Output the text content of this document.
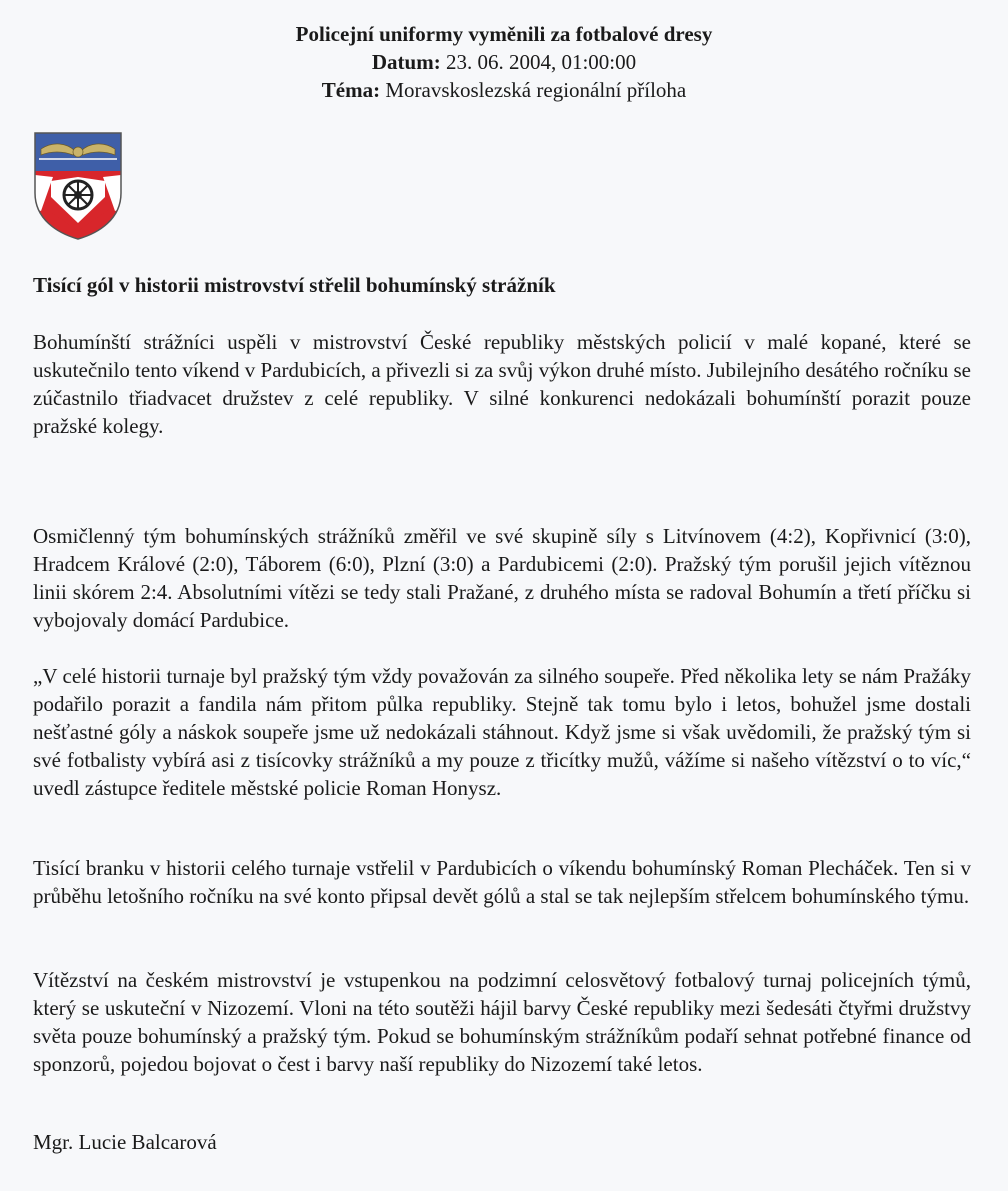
Policejní uniformy vyměnili za fotbalové dresy
Datum: 23. 06. 2004, 01:00:00
Téma: Moravskoslezská regionální příloha
Tisící gól v historii mistrovství střelil bohumínský strážník

Bohumínští strážníci uspěli v mistrovství České republiky městských policií v malé kopané, které se uskutečnilo tento víkend v Pardubicích, a přivezli si za svůj výkon druhé místo. Jubilejního desátého ročníku se zúčastnilo třiadvacet družstev z celé republiky. V silné konkurenci nedokázali bohumínští porazit pouze pražské kolegy.

Osmičlenný tým bohumínských strážníků změřil ve své skupině síly s Litvínovem (4:2), Kopřivnicí (3:0), Hradcem Králové (2:0), Táborem (6:0), Plzní (3:0) a Pardubicemi (2:0). Pražský tým porušil jejich vítěznou linii skórem 2:4. Absolutními vítězi se tedy stali Pražané, z druhého místa se radoval Bohumín a třetí příčku si vybojovaly domácí Pardubice.

„V celé historii turnaje byl pražský tým vždy považován za silného soupeře. Před několika lety se nám Pražáky podařilo porazit a fandila nám přitom půlka republiky. Stejně tak tomu bylo i letos, bohužel jsme dostali nešťastné góly a náskok soupeře jsme už nedokázali stáhnout. Když jsme si však uvědomili, že pražský tým si své fotbalisty vybírá asi z tisícovky strážníků a my pouze z třicítky mužů, vážíme si našeho vítězství o to víc,“ uvedl zástupce ředitele městské policie Roman Honysz.

Tisící branku v historii celého turnaje vstřelil v Pardubicích o víkendu bohumínský Roman Plecháček. Ten si v průběhu letošního ročníku na své konto připsal devět gólů a stal se tak nejlepším střelcem bohumínského týmu.

Vítězství na českém mistrovství je vstupenkou na podzimní celosvětový fotbalový turnaj policejních týmů, který se uskuteční v Nizozemí. Vloni na této soutěži hájil barvy České republiky mezi šedesáti čtyřmi družstvy světa pouze bohumínský a pražský tým. Pokud se bohumínským strážníkům podaří sehnat potřebné finance od sponzorů, pojedou bojovat o čest i barvy naší republiky do Nizozemí také letos.

Mgr. Lucie Balcarová
